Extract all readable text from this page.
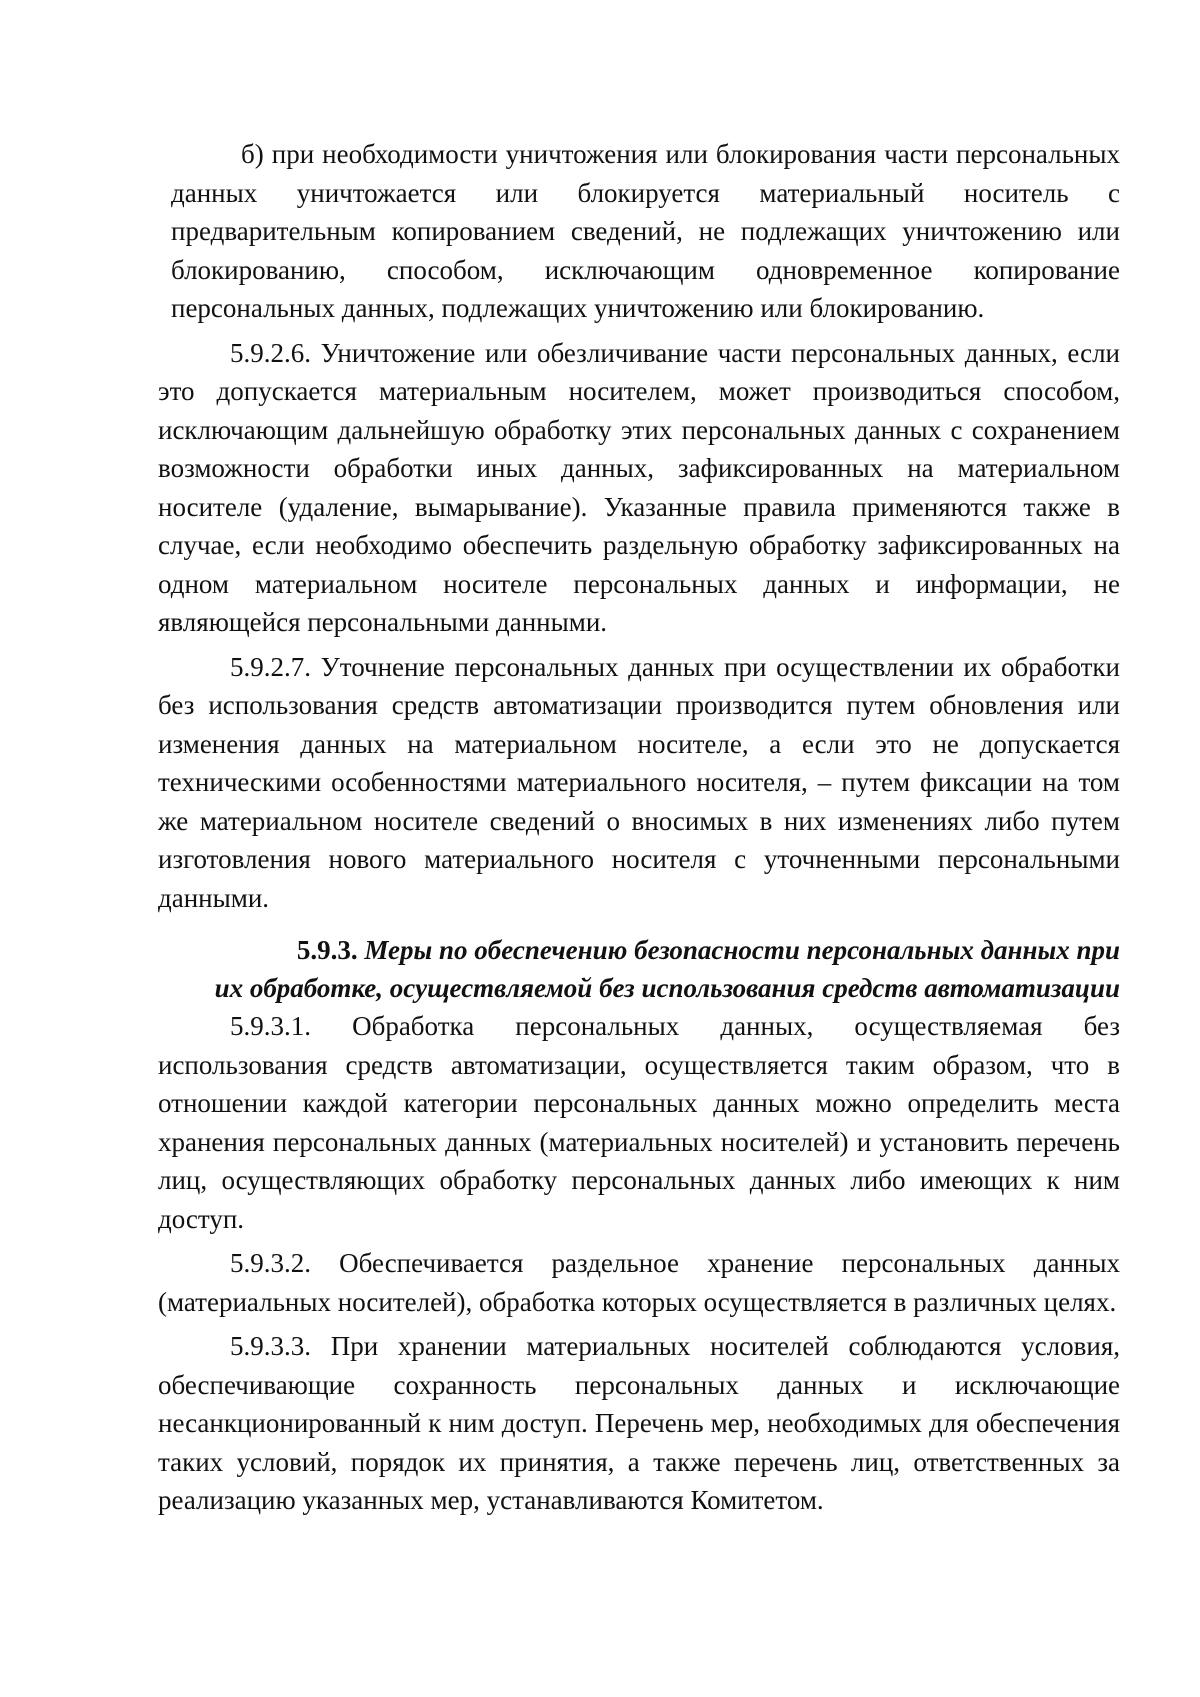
б) при необходимости уничтожения или блокирования части персональных данных уничтожается или блокируется материальный носитель с предварительным копированием сведений, не подлежащих уничтожению или блокированию, способом, исключающим одновременное копирование персональных данных, подлежащих уничтожению или блокированию.

5.9.2.6. Уничтожение или обезличивание части персональных данных, если это допускается материальным носителем, может производиться способом, исключающим дальнейшую обработку этих персональных данных с сохранением возможности обработки иных данных, зафиксированных на материальном носителе (удаление, вымарывание). Указанные правила применяются также в случае, если необходимо обеспечить раздельную обработку зафиксированных на одном материальном носителе персональных данных и информации, не являющейся персональными данными.

5.9.2.7. Уточнение персональных данных при осуществлении их обработки без использования средств автоматизации производится путем обновления или изменения данных на материальном носителе, а если это не допускается техническими особенностями материального носителя, – путем фиксации на том же материальном носителе сведений о вносимых в них изменениях либо путем изготовления нового материального носителя с уточненными персональными данными.

5.9.3. Меры по обеспечению безопасности персональных данных при
их обработке, осуществляемой без использования средств автоматизации

5.9.3.1. Обработка персональных данных, осуществляемая без использования средств автоматизации, осуществляется таким образом, что в отношении каждой категории персональных данных можно определить места хранения персональных данных (материальных носителей) и установить перечень лиц, осуществляющих обработку персональных данных либо имеющих к ним доступ.

5.9.3.2. Обеспечивается раздельное хранение персональных данных (материальных носителей), обработка которых осуществляется в различных целях.

5.9.3.3. При хранении материальных носителей соблюдаются условия, обеспечивающие сохранность персональных данных и исключающие несанкционированный к ним доступ. Перечень мер, необходимых для обеспечения таких условий, порядок их принятия, а также перечень лиц, ответственных за реализацию указанных мер, устанавливаются Комитетом.
